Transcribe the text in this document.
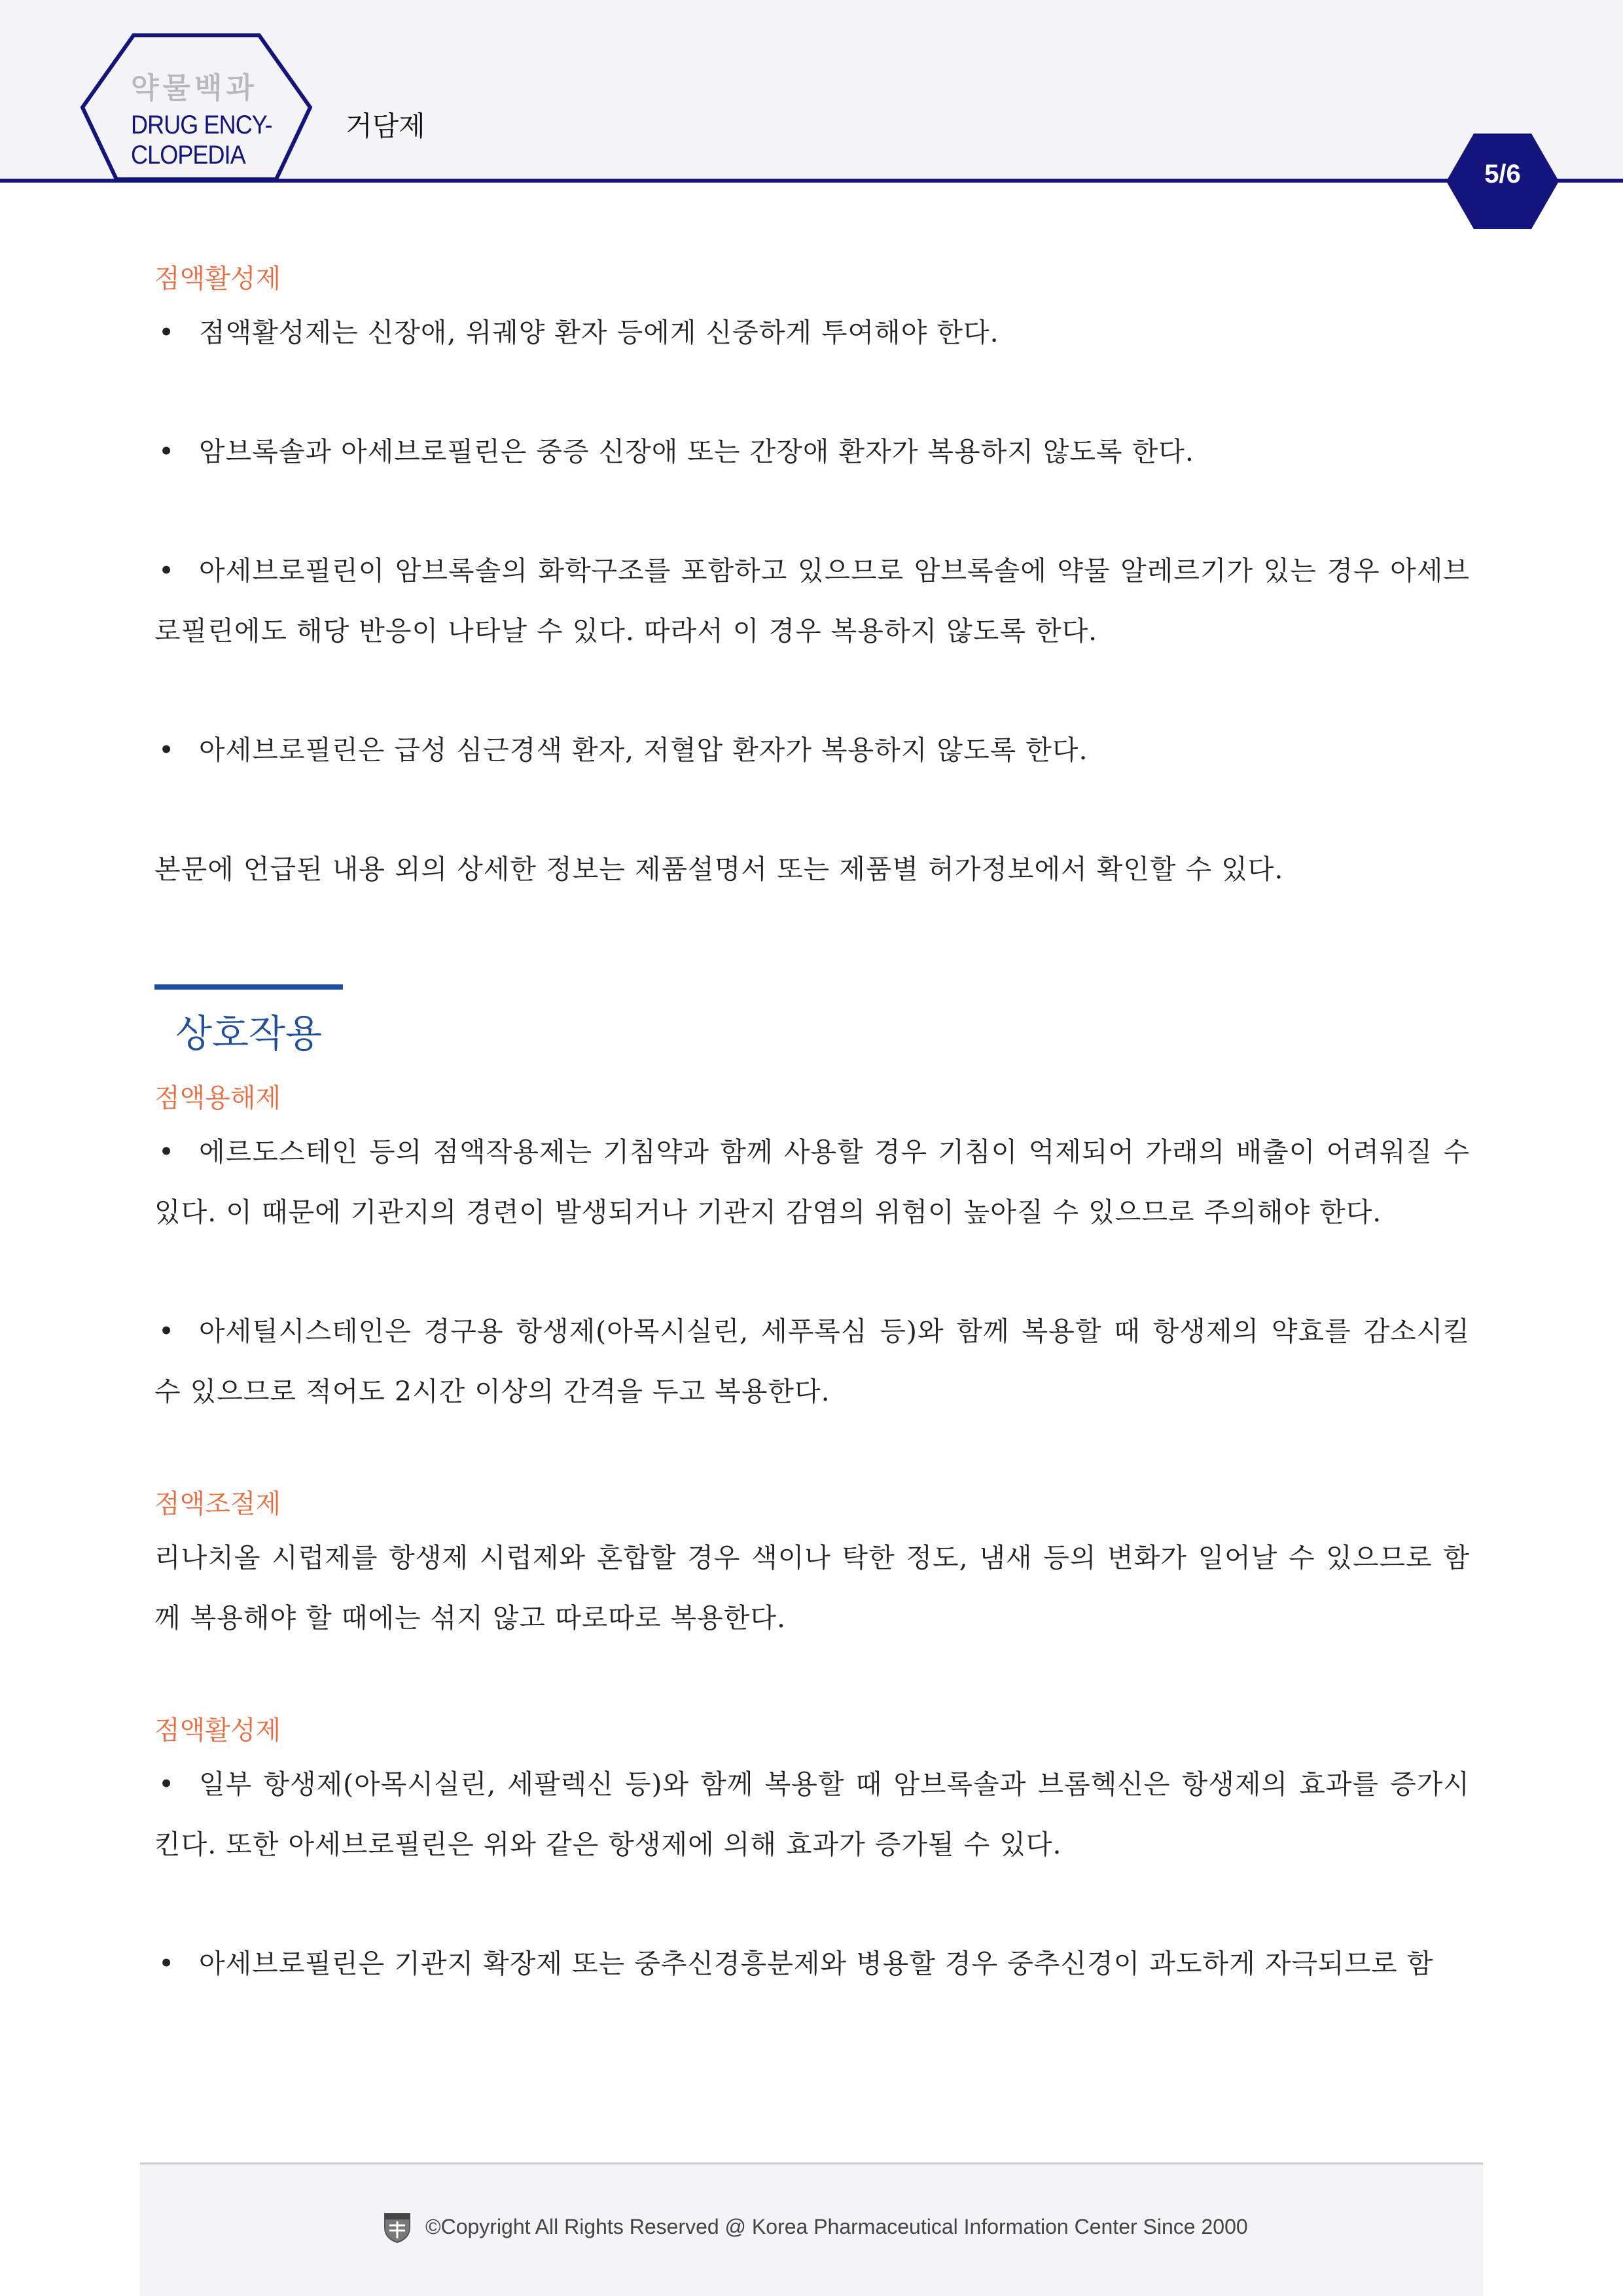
약물백과
DRUG ENCY-
CLOPEDIA
거담제
5/6

점액활성제

• 점액활성제는 신장애, 위궤양 환자 등에게 신중하게 투여해야 한다.

• 암브록솔과 아세브로필린은 중증 신장애 또는 간장애 환자가 복용하지 않도록 한다.

• 아세브로필린이 암브록솔의 화학구조를 포함하고 있으므로 암브록솔에 약물 알레르기가 있는 경우 아세브로필린에도 해당 반응이 나타날 수 있다. 따라서 이 경우 복용하지 않도록 한다.

• 아세브로필린은 급성 심근경색 환자, 저혈압 환자가 복용하지 않도록 한다.

본문에 언급된 내용 외의 상세한 정보는 제품설명서 또는 제품별 허가정보에서 확인할 수 있다.

상호작용

점액용해제

• 에르도스테인 등의 점액작용제는 기침약과 함께 사용할 경우 기침이 억제되어 가래의 배출이 어려워질 수 있다. 이 때문에 기관지의 경련이 발생되거나 기관지 감염의 위험이 높아질 수 있으므로 주의해야 한다.

• 아세틸시스테인은 경구용 항생제(아목시실린, 세푸록심 등)와 함께 복용할 때 항생제의 약효를 감소시킬 수 있으므로 적어도 2시간 이상의 간격을 두고 복용한다.

점액조절제

리나치올 시럽제를 항생제 시럽제와 혼합할 경우 색이나 탁한 정도, 냄새 등의 변화가 일어날 수 있으므로 함께 복용해야 할 때에는 섞지 않고 따로따로 복용한다.

점액활성제

• 일부 항생제(아목시실린, 세팔렉신 등)와 함께 복용할 때 암브록솔과 브롬헥신은 항생제의 효과를 증가시킨다. 또한 아세브로필린은 위와 같은 항생제에 의해 효과가 증가될 수 있다.

• 아세브로필린은 기관지 확장제 또는 중추신경흥분제와 병용할 경우 중추신경이 과도하게 자극되므로 함

©Copyright All Rights Reserved @ Korea Pharmaceutical Information Center Since 2000
